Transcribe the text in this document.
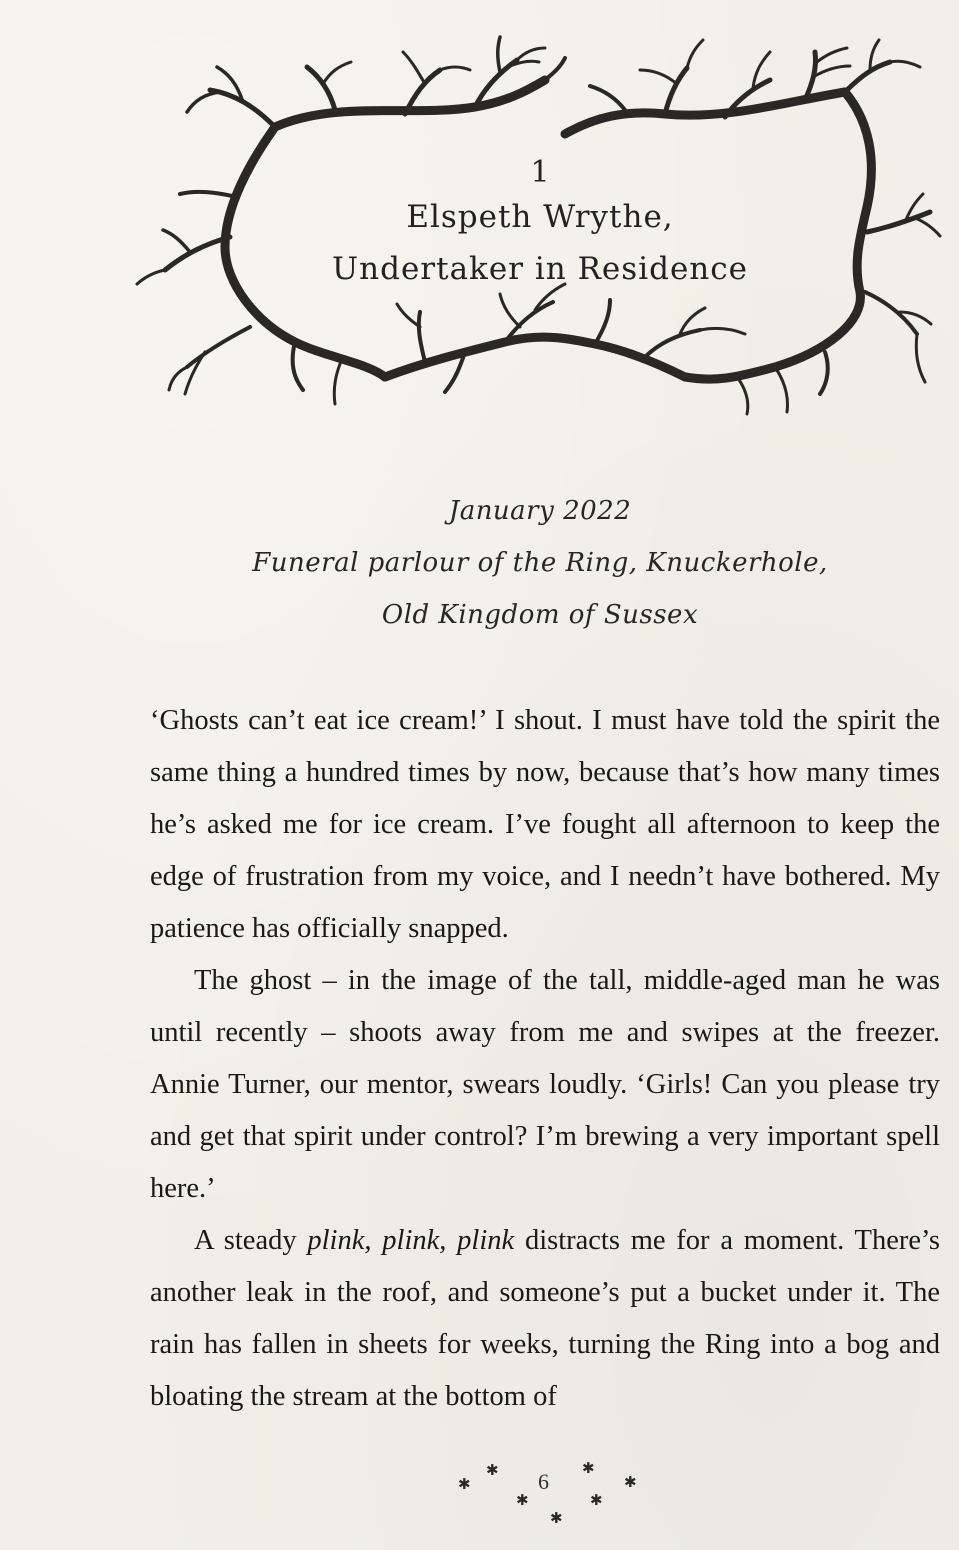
1
Elspeth Wrythe,
Undertaker in Residence
January 2022
Funeral parlour of the Ring, Knuckerhole,
Old Kingdom of Sussex

‘Ghosts can’t eat ice cream!’ I shout. I must have told the spirit the same thing a hundred times by now, because that’s how many times he’s asked me for ice cream. I’ve fought all afternoon to keep the edge of frustration from my voice, and I needn’t have bothered. My patience has officially snapped.

The ghost – in the image of the tall, middle-aged man he was until recently – shoots away from me and swipes at the freezer. Annie Turner, our mentor, swears loudly. ‘Girls! Can you please try and get that spirit under control? I’m brewing a very important spell here.’

A steady plink, plink, plink distracts me for a moment. There’s another leak in the roof, and someone’s put a bucket under it. The rain has fallen in sheets for weeks, turning the Ring into a bog and bloating the stream at the bottom of

✱
✱
✱
✱
6
✱
✱
✱
